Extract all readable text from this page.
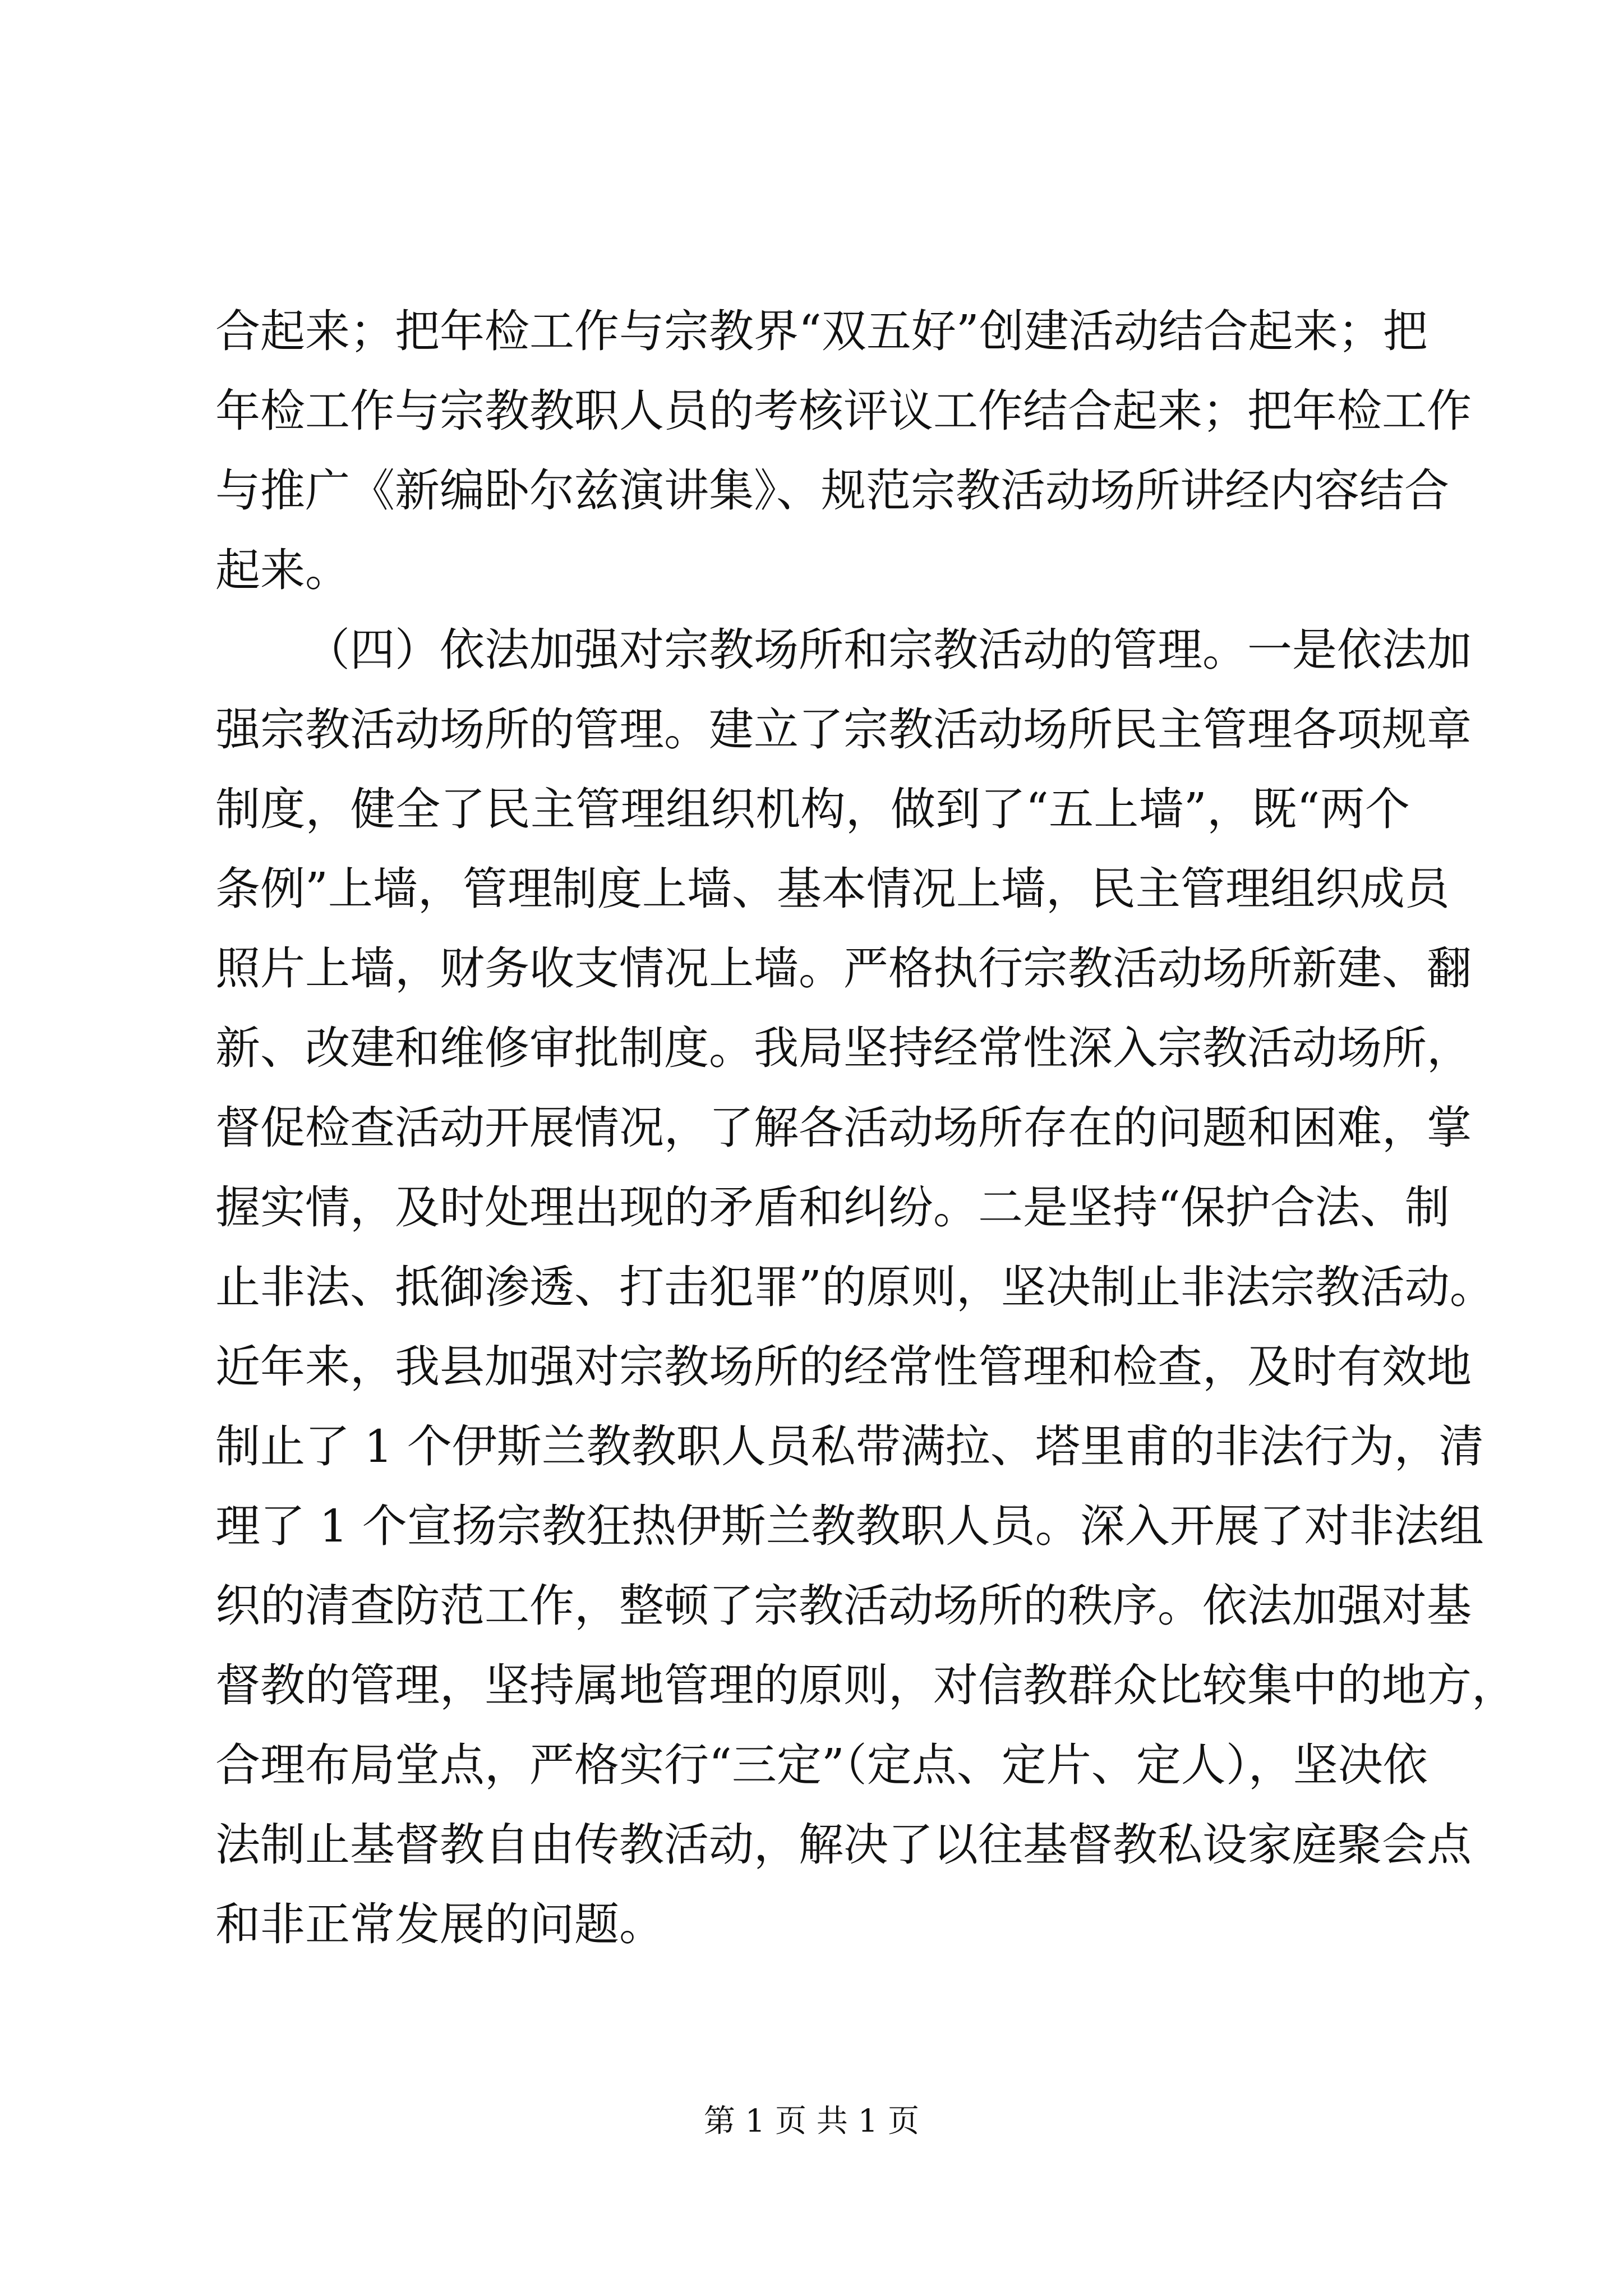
合起来；把年检工作与宗教界“双五好”创建活动结合起来；把
年检工作与宗教教职人员的考核评议工作结合起来；把年检工作
与推广《新编卧尔兹演讲集》、规范宗教活动场所讲经内容结合
起来。
（四）依法加强对宗教场所和宗教活动的管理。一是依法加
强宗教活动场所的管理。建立了宗教活动场所民主管理各项规章
制度，健全了民主管理组织机构，做到了“五上墙”，既“两个
条例”上墙，管理制度上墙、基本情况上墙，民主管理组织成员
照片上墙，财务收支情况上墙。严格执行宗教活动场所新建、翻
新、改建和维修审批制度。我局坚持经常性深入宗教活动场所，
督促检查活动开展情况，了解各活动场所存在的问题和困难，掌
握实情，及时处理出现的矛盾和纠纷。二是坚持“保护合法、制
止非法、抵御渗透、打击犯罪”的原则，坚决制止非法宗教活动。
近年来，我县加强对宗教场所的经常性管理和检查，及时有效地
制止了 1 个伊斯兰教教职人员私带满拉、塔里甫的非法行为，清
理了 1 个宣扬宗教狂热伊斯兰教教职人员。深入开展了对非法组
织的清查防范工作，整顿了宗教活动场所的秩序。依法加强对基
督教的管理，坚持属地管理的原则，对信教群众比较集中的地方，
合理布局堂点，严格实行“三定”（定点、定片、定人），坚决依
法制止基督教自由传教活动，解决了以往基督教私设家庭聚会点
和非正常发展的问题。
第 1 页 共 1 页
